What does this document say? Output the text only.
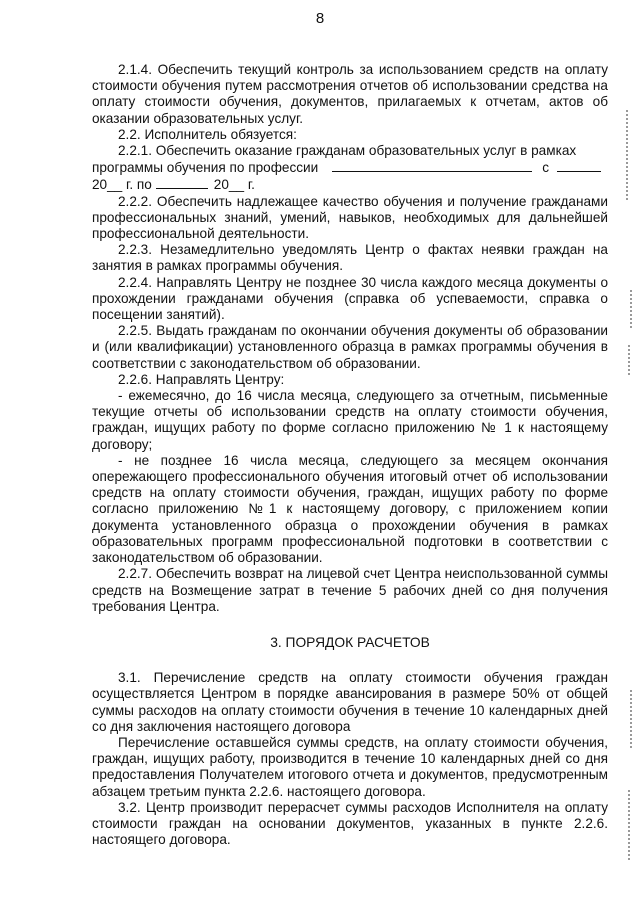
8

2.1.4. Обеспечить текущий контроль за использованием средств на оплату стоимости обучения путем рассмотрения отчетов об использовании средства на оплату стоимости обучения, документов, прилагаемых к отчетам, актов об оказании образовательных услуг.

2.2. Исполнитель обязуется:

2.2.1. Обеспечить оказание гражданам образовательных услуг в рамках

программы обучения по профессии	с
20__ г. по	20__ г.

2.2.2. Обеспечить надлежащее качество обучения и получение гражданами профессиональных знаний, умений, навыков, необходимых для дальнейшей профессиональной деятельности.

2.2.3. Незамедлительно уведомлять Центр о фактах неявки граждан на занятия в рамках программы обучения.

2.2.4. Направлять Центру не позднее 30 числа каждого месяца документы о прохождении гражданами обучения (справка об успеваемости, справка о посещении занятий).

2.2.5. Выдать гражданам по окончании обучения документы об образовании и (или квалификации) установленного образца в рамках программы обучения в соответствии с законодательством об образовании.

2.2.6. Направлять Центру:

- ежемесячно, до 16 числа месяца, следующего за отчетным, письменные текущие отчеты об использовании средств на оплату стоимости обучения, граждан, ищущих работу по форме согласно приложению № 1 к настоящему договору;

- не позднее 16 числа месяца, следующего за месяцем окончания опережающего профессионального обучения итоговый отчет об использовании средств на оплату стоимости обучения, граждан, ищущих работу по форме согласно приложению №1 к настоящему договору, с приложением копии документа установленного образца о прохождении обучения в рамках образовательных программ профессиональной подготовки в соответствии с законодательством об образовании.

2.2.7. Обеспечить возврат на лицевой счет Центра неиспользованной суммы средств на Возмещение затрат в течение 5 рабочих дней со дня получения требования Центра.

3. ПОРЯДОК РАСЧЕТОВ

3.1. Перечисление средств на оплату стоимости обучения граждан осуществляется Центром в порядке авансирования в размере 50% от общей суммы расходов на оплату стоимости обучения в течение 10 календарных дней со дня заключения настоящего договора

Перечисление оставшейся суммы средств, на оплату стоимости обучения, граждан, ищущих работу, производится в течение 10 календарных дней со дня предоставления Получателем итогового отчета и документов, предусмотренным абзацем третьим пункта 2.2.6. настоящего договора.

3.2. Центр производит перерасчет суммы расходов Исполнителя на оплату стоимости граждан на основании документов, указанных в пункте 2.2.6. настоящего договора.
